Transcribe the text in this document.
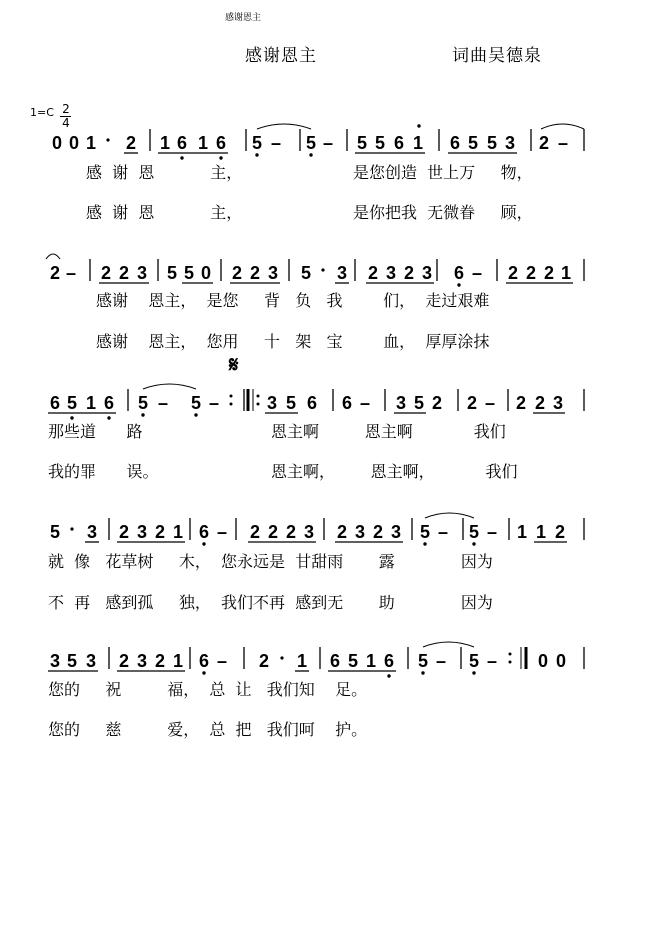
感谢恩主
感谢恩主	词曲吴德泉
1=C 2
4
𝄋
0 0 1 2 1 6 1 6 5 – 5 – 5 5 6 1 6 5 5 3 2 –
2 – 2 2 3 5 5 0 2 2 3 5 3 2 3 2 3 6 – 2 2 2 1
6 5 1 6 5 – 5 –	3 5 6 6 – 3 5 2 2 – 2 2 3
5 3 2 3 2 1 6 – 2 2 2 3 2 3 2 3 5 – 5 – 1 1 2
3 5 3 2 3 2 1 6 – 2 1 6 5 1 6 5 – 5 – 0 0
感  谢  恩           主，
感  谢  恩           主，
是您创造  世上万     物，
是你把我  无微眷     顾，
感谢    恩主，  是您     背   负   我        们，  走过艰难
感谢    恩主，  您用     十   架   宝        血，  厚厚涂抹
那些道      路
我的罪      误。
恩主啊         恩主啊            我们
恩主啊，       恩主啊，          我们
就  像   花草树     木，  您永远是  甘甜雨       露             因为
不  再   感到孤     独，  我们不再  感到无       助             因为
您的     祝         福，  总  让   我们知    足。
您的     慈         爱，  总  把   我们呵    护。
